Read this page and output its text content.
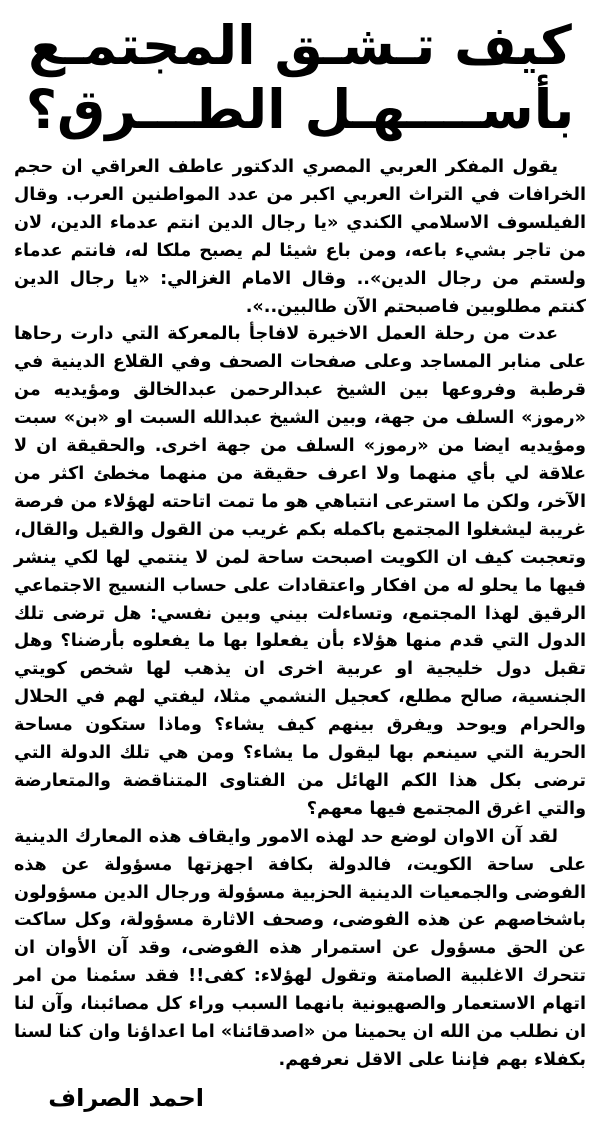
كيف تـشـق المجتمـع
بأســــهـل الطـــرق؟

يقول المفكر العربي المصري الدكتور عاطف العراقي ان حجم الخرافات في التراث العربي اكبر من عدد المواطنين العرب. وقال الفيلسوف الاسلامي الكندي «يا رجال الدين انتم عدماء الدين، لان من تاجر بشيء باعه، ومن باع شيئا لم يصبح ملكا له، فانتم عدماء ولستم من رجال الدين».. وقال الامام الغزالي: «يا رجال الدين كنتم مطلوبين فاصبحتم الآن طالبين..».

عدت من رحلة العمل الاخيرة لافاجأ بالمعركة التي دارت رحاها على منابر المساجد وعلى صفحات الصحف وفي القلاع الدينية في قرطبة وفروعها بين الشيخ عبدالرحمن عبدالخالق ومؤيديه من «رموز» السلف من جهة، وبين الشيخ عبدالله السبت او «بن» سبت ومؤيديه ايضا من «رموز» السلف من جهة اخرى. والحقيقة ان لا علاقة لي بأي منهما ولا اعرف حقيقة من منهما مخطئ اكثر من الآخر، ولكن ما استرعى انتباهي هو ما تمت اتاحته لهؤلاء من فرصة غريبة ليشغلوا المجتمع باكمله بكم غريب من القول والقيل والقال، وتعجبت كيف ان الكويت اصبحت ساحة لمن لا ينتمي لها لكي ينشر فيها ما يحلو له من افكار واعتقادات على حساب النسيج الاجتماعي الرقيق لهذا المجتمع، وتساءلت بيني وبين نفسي: هل ترضى تلك الدول التي قدم منها هؤلاء بأن يفعلوا بها ما يفعلوه بأرضنا؟ وهل تقبل دول خليجية او عربية اخرى ان يذهب لها شخص كويتي الجنسية، صالح مطلع، كعجيل النشمي مثلا، ليفتي لهم في الحلال والحرام ويوحد ويفرق بينهم كيف يشاء؟ وماذا ستكون مساحة الحرية التي سينعم بها ليقول ما يشاء؟ ومن هي تلك الدولة التي ترضى بكل هذا الكم الهائل من الفتاوى المتناقضة والمتعارضة والتي اغرق المجتمع فيها معهم؟

لقد آن الاوان لوضع حد لهذه الامور وايقاف هذه المعارك الدينية على ساحة الكويت، فالدولة بكافة اجهزتها مسؤولة عن هذه الفوضى والجمعيات الدينية الحزبية مسؤولة ورجال الدين مسؤولون باشخاصهم عن هذه الفوضى، وصحف الاثارة مسؤولة، وكل ساكت عن الحق مسؤول عن استمرار هذه الفوضى، وقد آن الأوان ان تتحرك الاغلبية الصامتة وتقول لهؤلاء: كفى!! فقد سئمنا من امر اتهام الاستعمار والصهيونية بانهما السبب وراء كل مصائبنا، وآن لنا ان نطلب من الله ان يحمينا من «اصدقائنا» اما اعداؤنا وان كنا لسنا بكفلاء بهم فإننا على الاقل نعرفهم.

احمد الصراف
